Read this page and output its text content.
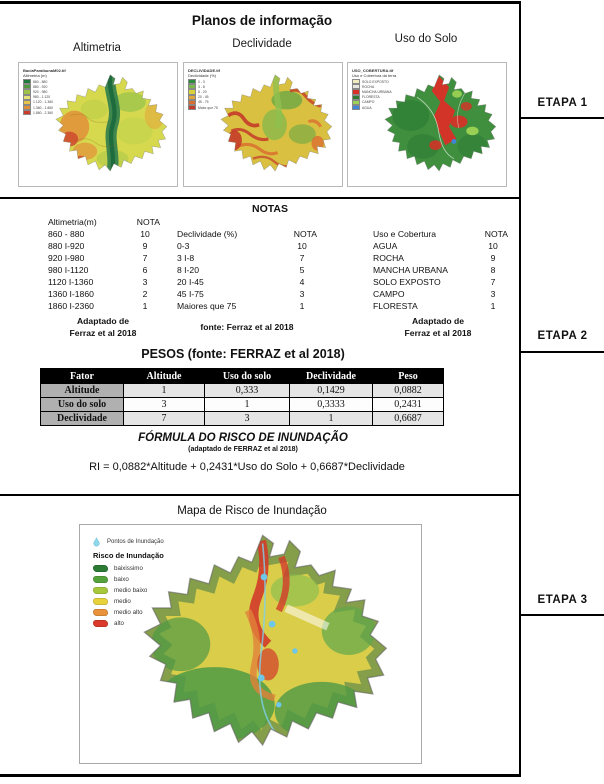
ETAPA 1
ETAPA 2
ETAPA 3
Planos de informação
Altimetria	Declividade	Uso do Solo
BaciaParaibunaM02.tif
Altimetria (m)
860 - 880
880 - 920
920 - 980
980 - 1.120
1.120 - 1.360
1.360 - 1.860
1.860 - 2.360
DECLIVIDADE.tif
Declividade (%)
0 - 3
3 - 8
8 - 20
20 - 45
45 - 75
Maior que 75
USO_COBERTURA.tif
Uso e Cobertura da terra
SOLO EXPOSTO
ROCHA
MANCHA URBANA
FLORESTA
CAMPO
AGUA
NOTAS
Altimetria(m)	NOTA
860 - 880	10
880 I-920	9
920 I-980	7
980 I-1120	6
1120 I-1360	3
1360 I-1860	2
1860 I-2360	1
Adaptado de
Ferraz et al 2018
Declividade (%)	NOTA
0-3	10
3 I-8	7
8 I-20	5
20 I-45	4
45 I-75	3
Maiores que 75	1
fonte: Ferraz et al 2018
Uso e Cobertura	NOTA
AGUA	10
ROCHA	9
MANCHA URBANA	8
SOLO EXPOSTO	7
CAMPO	3
FLORESTA	1
Adaptado de
Ferraz et al 2018
PESOS (fonte: FERRAZ et al 2018)
Fator	Altitude	Uso do solo	Declividade	Peso
Altitude	1	0,333	0,1429	0,0882
Uso do solo	3	1	0,3333	0,2431
Declividade	7	3	1	0,6687
FÓRMULA DO RISCO DE INUNDAÇÃO
(adaptado de FERRAZ et al 2018)
RI = 0,0882*Altitude + 0,2431*Uso do Solo + 0,6687*Declividade
Mapa de Risco de Inundação
Pontos de Inundação
Risco de Inundação
baixissimo
baixo
medio baixo
medio
medio alto
alto
